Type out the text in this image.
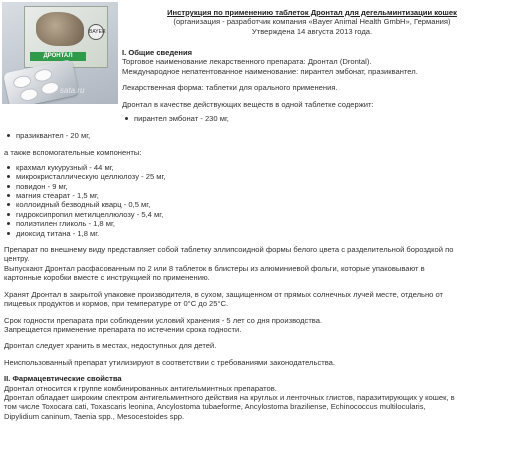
ДРОНТАЛ
BAYER
sata.ru
Инструкция по применению таблеток Дронтал для дегельминтизации кошек
(организация - разработчик компания «Bayer Animal Health GmbH», Германия)
Утверждена 14 августа 2013 года.

I. Общие сведения

Торговое наименование лекарственного препарата: Дронтал (Drontal).

Международное непатентованное наименование: пирантел эмбонат, празиквантел.

Лекарственная форма: таблетки для орального применения.

Дронтал в качестве действующих веществ в одной таблетке содержит:

пирантел эмбонат - 230 мг,
празиквантел - 20 мг,

а также вспомогательные компоненты:

крахмал кукурузный - 44 мг,
микрокристаллическую целлюлозу - 25 мг,
повидон - 9 мг,
магния стеарат - 1,5 мг,
коллоидный безводный кварц - 0,5 мг,
гидроксипропил метилцеллюлозу - 5,4 мг,
полиэтилен гликоль - 1,8 мг,
диоксид титана - 1,8 мг.

Препарат по внешнему виду представляет собой таблетку эллипсоидной формы белого цвета с разделительной бороздкой по

центру.

Выпускают Дронтал расфасованным по 2 или 8 таблеток в блистеры из алюминиевой фольги, которые упаковывают в

картонные коробки вместе с инструкцией по применению.

Хранят Дронтал в закрытой упаковке производителя, в сухом, защищенном от прямых солнечных лучей месте, отдельно от

пищевых продуктов и кормов, при температуре от 0°С до 25°С.

Срок годности препарата при соблюдении условий хранения - 5 лет со дня производства.

Запрещается применение препарата по истечении срока годности.

Дронтал следует хранить в местах, недоступных для детей.

Неиспользованный препарат утилизируют в соответствии с требованиями законодательства.

II. Фармацевтические свойства

Дронтал относится к группе комбинированных антигельминтных препаратов.

Дронтал обладает широким спектром антигельминтного действия на круглых и ленточных глистов, паразитирующих у кошек, в

том числе Toxocara cati, Toxascaris leonina, Ancylostoma tubaeforme, Ancylostoma braziliense, Echinococcus multilocularis,

Dipylidium caninum, Taenia spp., Mesocestoides spp.
